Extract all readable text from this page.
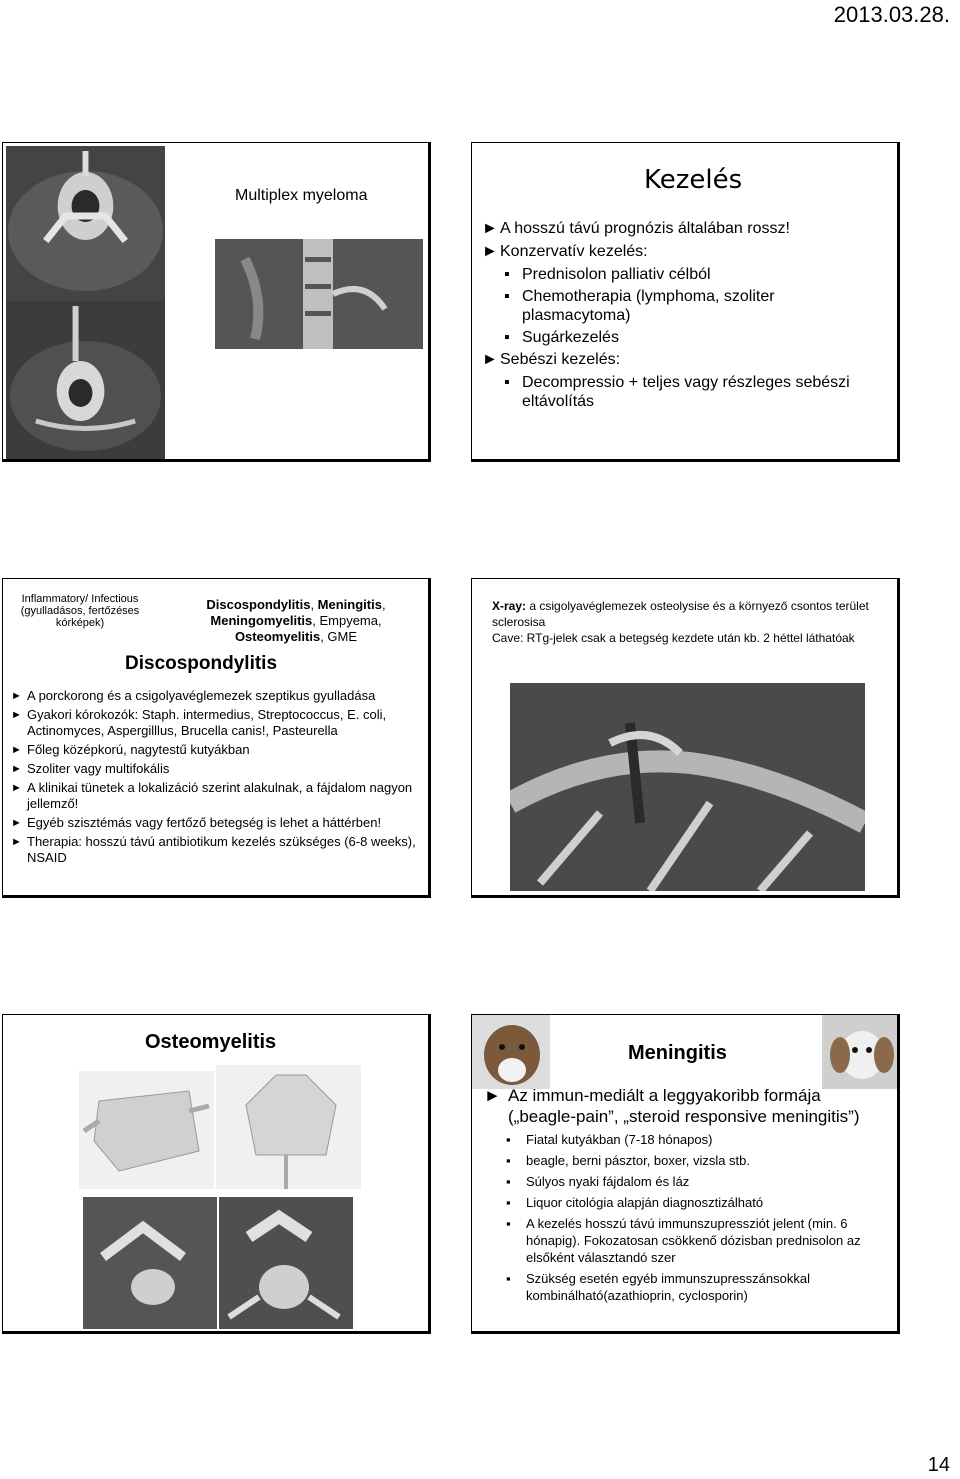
2013.03.28.
Multiplex myeloma
Kezelés
► A hosszú távú prognózis általában rossz!
► Konzervatív kezelés:
▪ Prednisolon palliativ célból
▪ Chemotherapia (lymphoma, szoliter plasmacytoma)
▪ Sugárkezelés
► Sebészi kezelés:
▪ Decompressio + teljes vagy részleges sebészi eltávolítás
Inflammatory/ Infectious (gyulladásos, fertőzéses kórképek)
Discospondylitis, Meningitis, Meningomyelitis, Empyema, Osteomyelitis, GME
Discospondylitis
► A porckorong és a csigolyavéglemezek szeptikus gyulladása
► Gyakori kórokozók: Staph. intermedius, Streptococcus, E. coli, Actinomyces, Aspergilllus, Brucella canis!, Pasteurella
► Főleg középkorú, nagytestű kutyákban
► Szoliter vagy multifokális
► A klinikai tünetek a lokalizáció szerint alakulnak, a fájdalom nagyon jellemző!
► Egyéb szisztémás vagy fertőző betegség is lehet a háttérben!
► Therapia: hosszú távú antibiotikum kezelés szükséges (6-8 weeks), NSAID
X-ray: a csigolyavéglemezek osteolysise és a környező csontos terület sclerosisa
Cave: RTg-jelek csak a betegség kezdete után kb. 2 héttel láthatóak
Osteomyelitis	Meningitis
► Az immun-mediált a leggyakoribb formája
(„beagle-pain”, „steroid responsive meningitis”)
▪ Fiatal kutyákban (7-18 hónapos)
▪ beagle, berni pásztor, boxer, vizsla stb.
▪ Súlyos nyaki fájdalom és láz
▪ Liquor citológia alapján diagnosztizálható
▪ A kezelés hosszú távú immunszupressziót jelent (min. 6 hónapig). Fokozatosan csökkenő dózisban prednisolon az elsőként választandó szer
▪ Szükség esetén egyéb immunszupresszánsokkal kombinálható(azathioprin, cyclosporin)
14
